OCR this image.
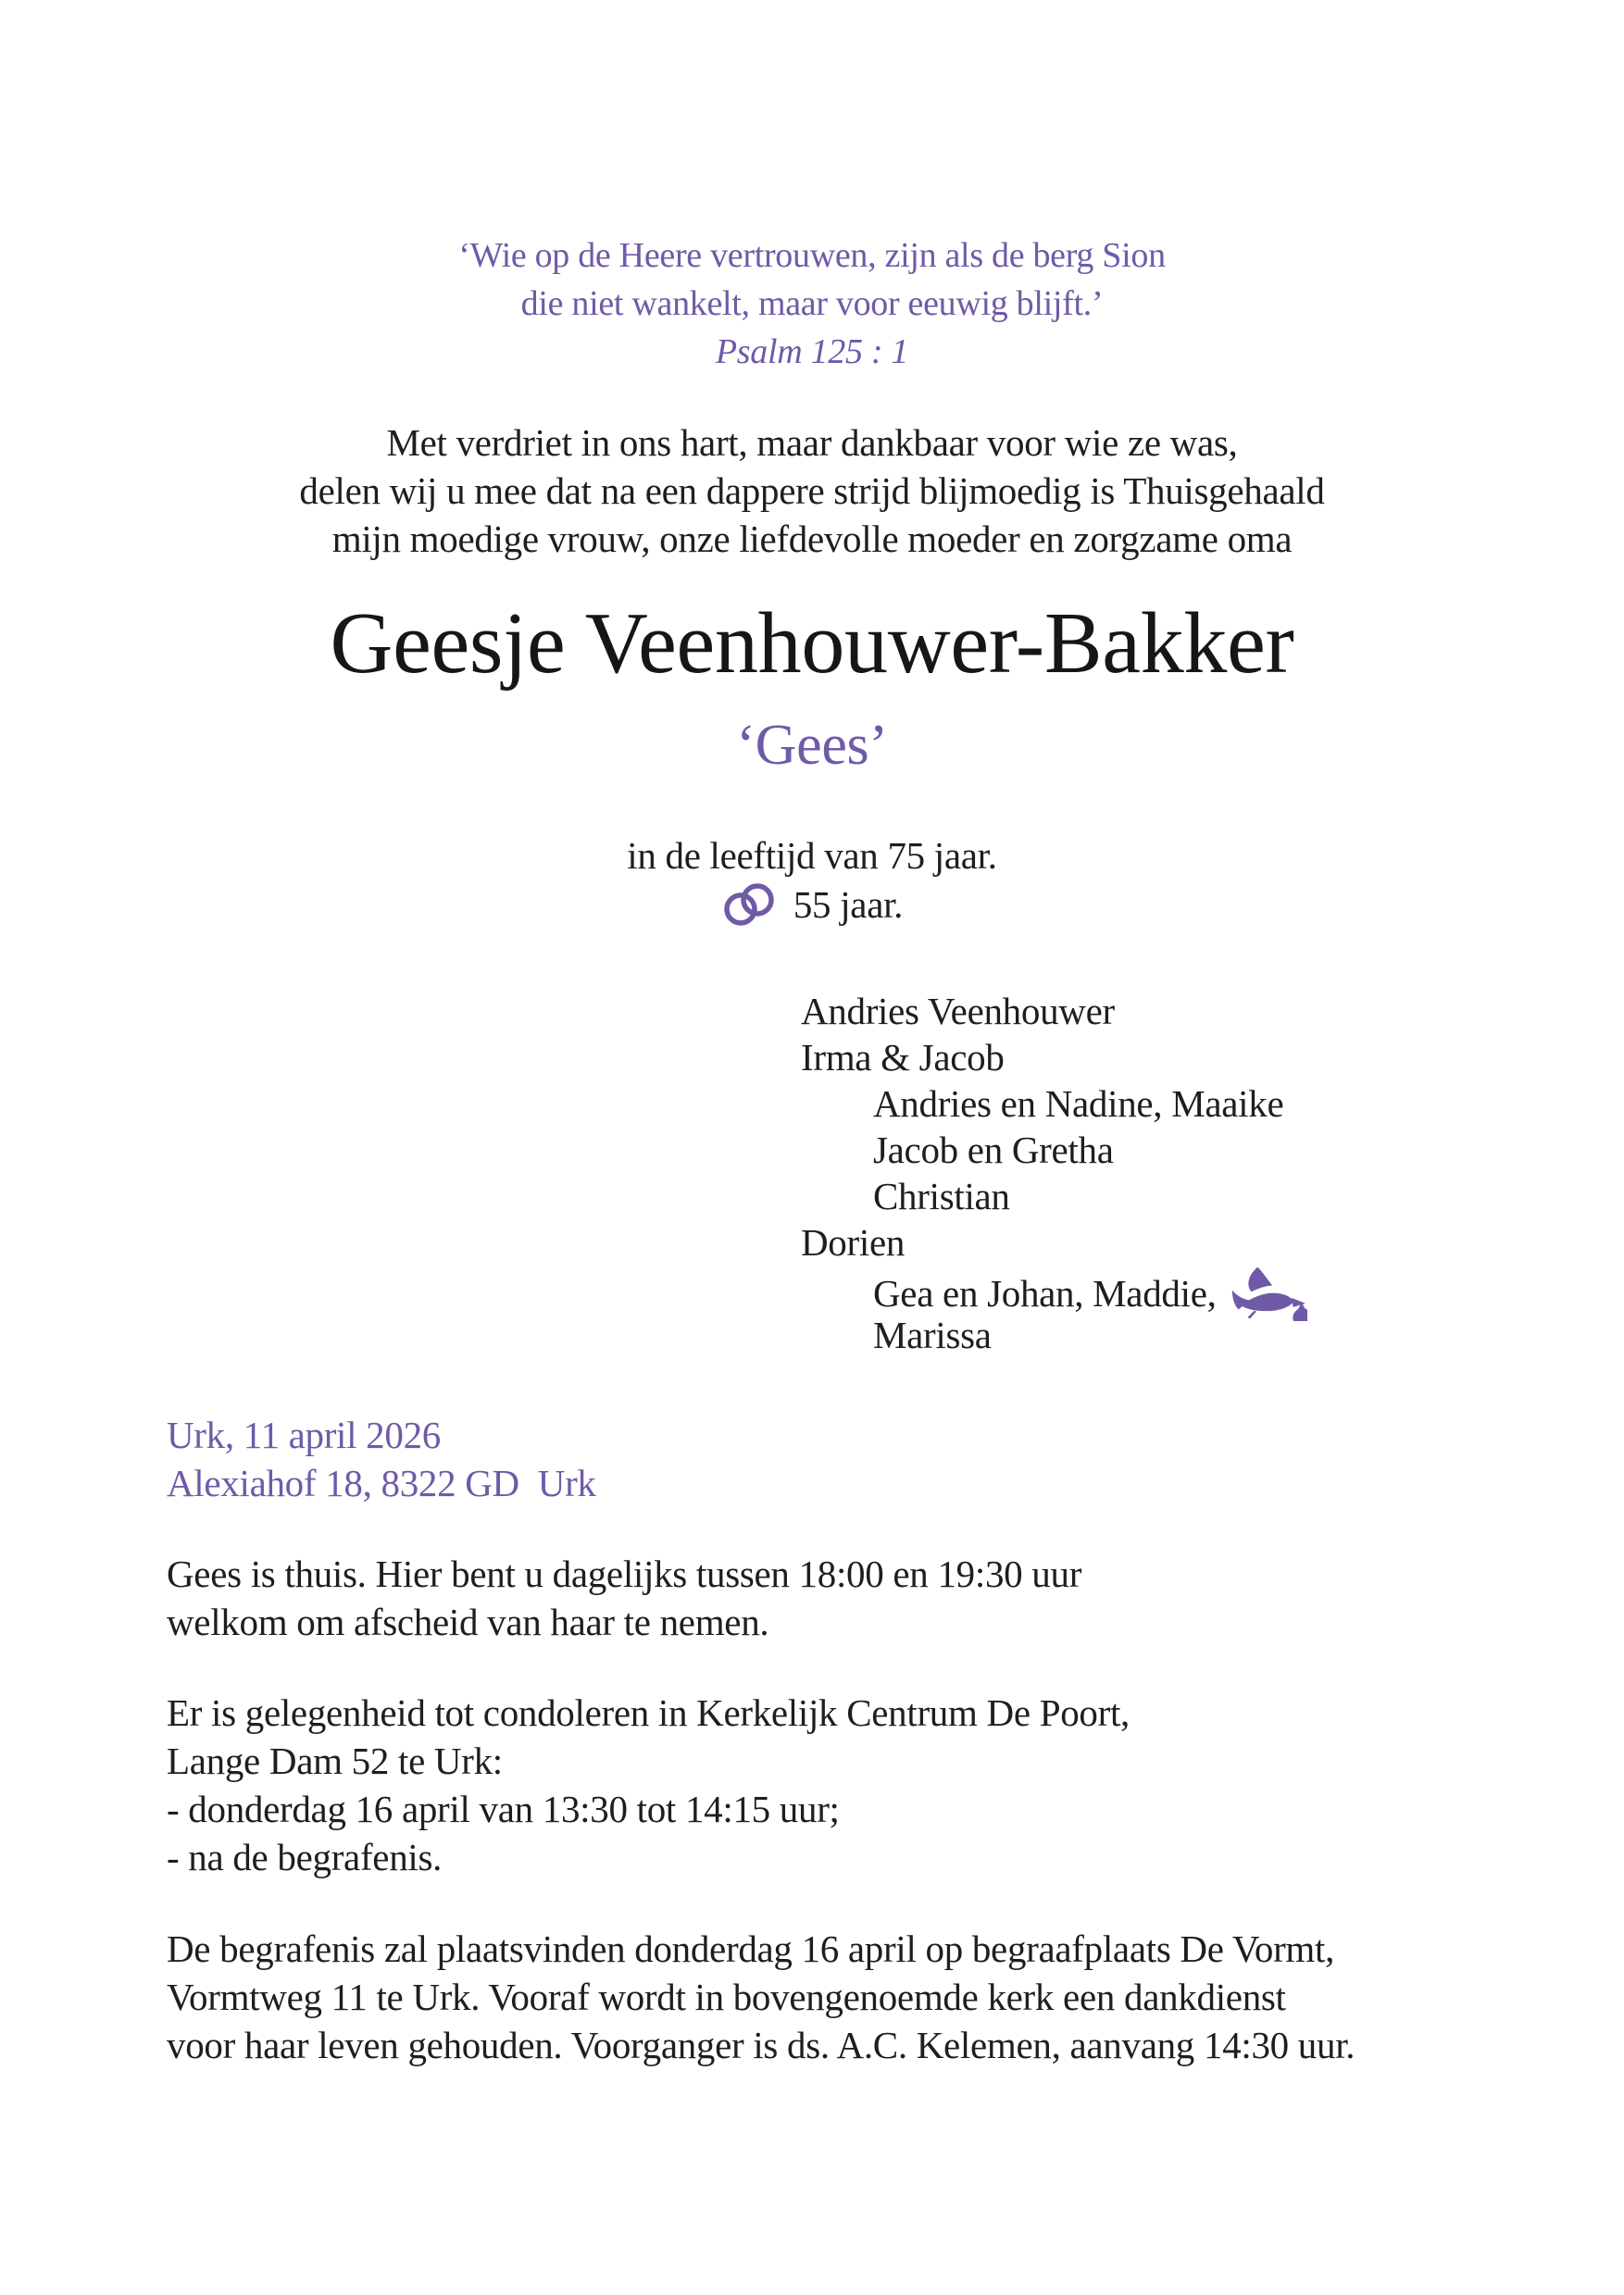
‘Wie op de Heere vertrouwen, zijn als de berg Sion
die niet wankelt, maar voor eeuwig blijft.’
Psalm 125 : 1
Met verdriet in ons hart, maar dankbaar voor wie ze was,
delen wij u mee dat na een dappere strijd blijmoedig is Thuisgehaald
mijn moedige vrouw, onze liefdevolle moeder en zorgzame oma
Geesje Veenhouwer-Bakker
‘Gees’
in de leeftijd van 75 jaar.
55 jaar.
Andries Veenhouwer
Irma & Jacob
Andries en Nadine, Maaike
Jacob en Gretha
Christian
Dorien
Gea en Johan, Maddie,
Marissa
Urk, 11 april 2026
Alexiahof 18, 8322 GD  Urk
Gees is thuis. Hier bent u dagelijks tussen 18:00 en 19:30 uur
welkom om afscheid van haar te nemen.
Er is gelegenheid tot condoleren in Kerkelijk Centrum De Poort,
Lange Dam 52 te Urk:
- donderdag 16 april van 13:30 tot 14:15 uur;
- na de begrafenis.
De begrafenis zal plaatsvinden donderdag 16 april op begraafplaats De Vormt,
Vormtweg 11 te Urk. Vooraf wordt in bovengenoemde kerk een dankdienst
voor haar leven gehouden. Voorganger is ds. A.C. Kelemen, aanvang 14:30 uur.
